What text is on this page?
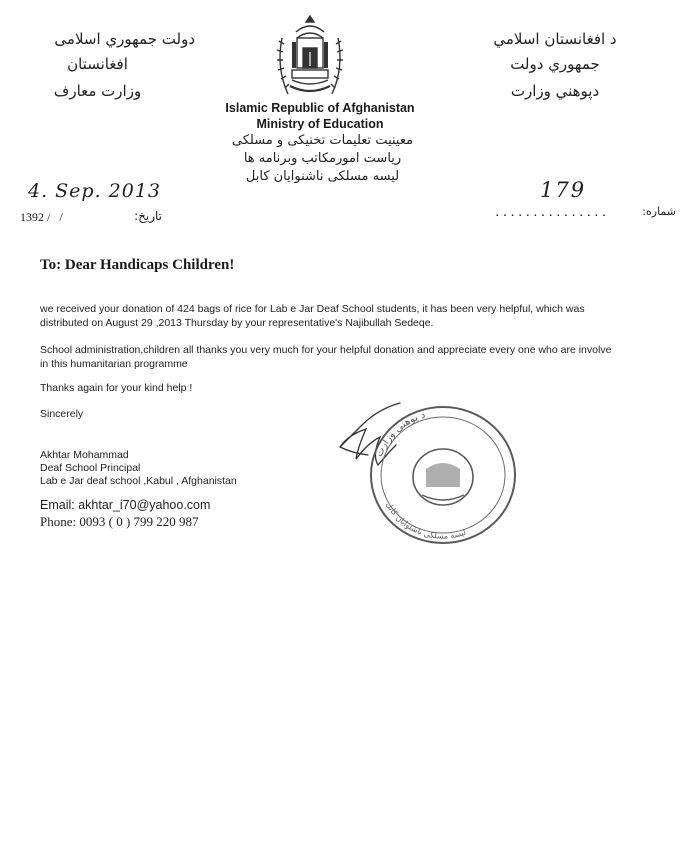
دولت جمهوري اسلامی
افغانستان
وزارت معارف
د افغانستان اسلامي
جمهوري دولت
دپوهني وزارت
Islamic Republic of Afghanistan
Ministry of Education
معینیت تعلیمات تخنیکی و مسلکی
ریاست امورمکاتب وبرنامه ها
لیسه مسلکی ناشنوایان کابل
4. Sep. 2013
1392 /   /	تاریخ:
179
...............	شماره:
To: Dear Handicaps Children!

we received your donation of 424 bags of rice for Lab e Jar Deaf School students, it has been very helpful, which was distributed on August 29 ,2013 Thursday by your representative's Najibullah Sedeqe.

School administration,children all thanks you very much for your helpful donation and appreciate every one who are involve in this humanitarian programme

Thanks again for your kind help !

Sincerely

Akhtar Mohammad

Deaf School Principal

Lab e Jar deaf school ,Kabul , Afghanistan

Email: akhtar_i70@yahoo.com
Phone: 0093 ( 0 ) 799 220 987
د پوهنی وزارت
لیسه مسلکی ناشنوایان کابل
